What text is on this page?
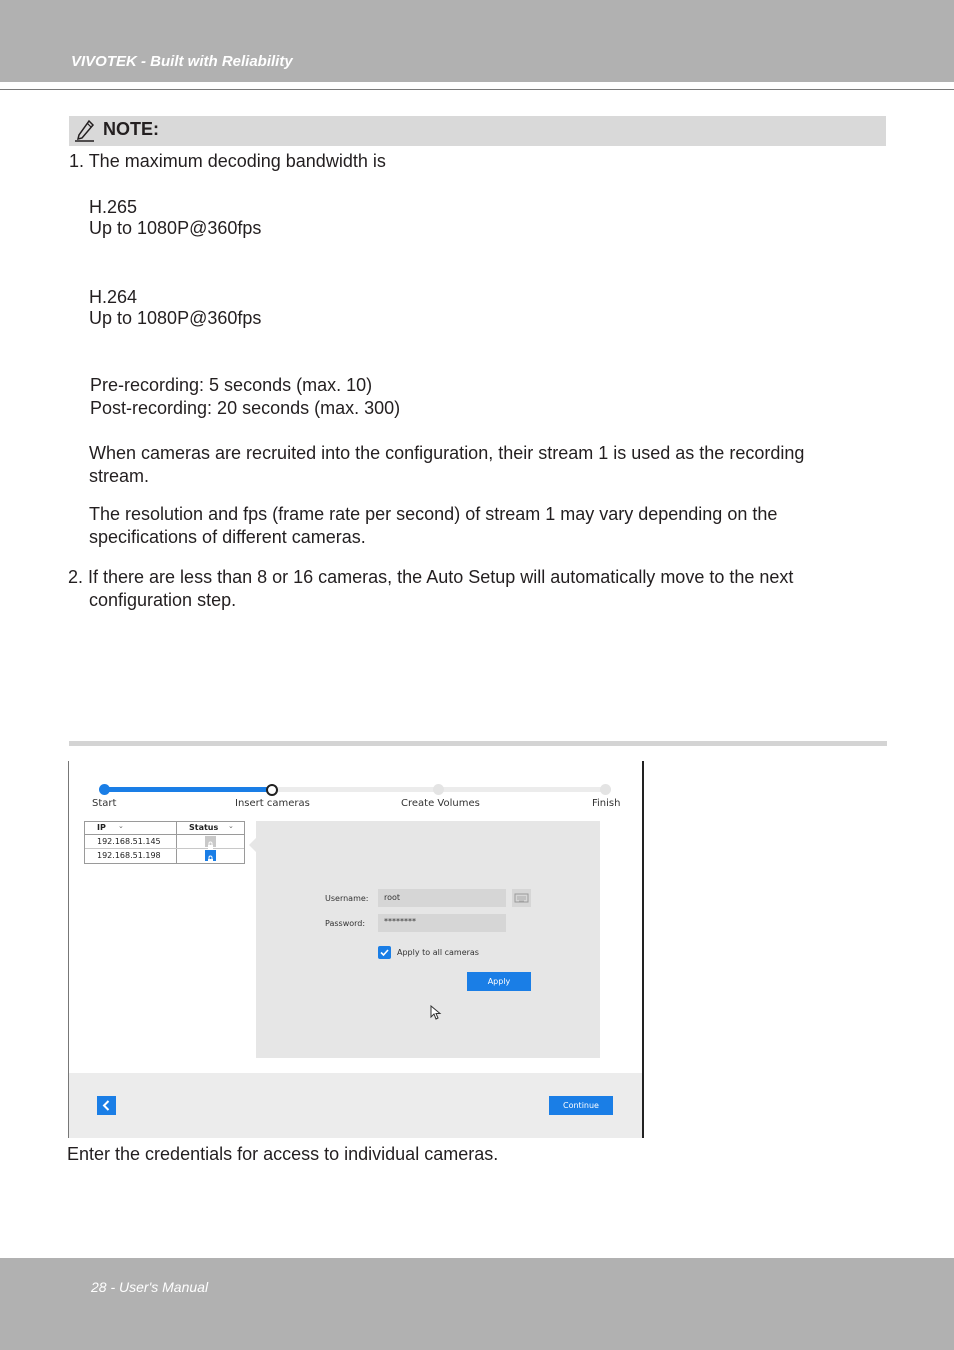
VIVOTEK - Built with Reliability
NOTE:
1. The maximum decoding bandwidth is
H.265
Up to 1080P@360fps
H.264
Up to 1080P@360fps
Pre-recording: 5 seconds (max. 10)
Post-recording: 20 seconds (max. 300)
When cameras are recruited into the configuration, their stream 1 is used as the recording
stream.
The resolution and fps (frame rate per second) of stream 1 may vary depending on the
specifications of different cameras.
2. If there are less than 8 or 16 cameras, the Auto Setup will automatically move to the next
configuration step.
Start	Insert cameras	Create Volumes	Finish
IP ⌄	Status ⌄
192.168.51.145
192.168.51.198
Username:	root
Password:	********
Apply to all cameras
Apply
Continue
Enter the credentials for access to individual cameras.
28 - User's Manual
